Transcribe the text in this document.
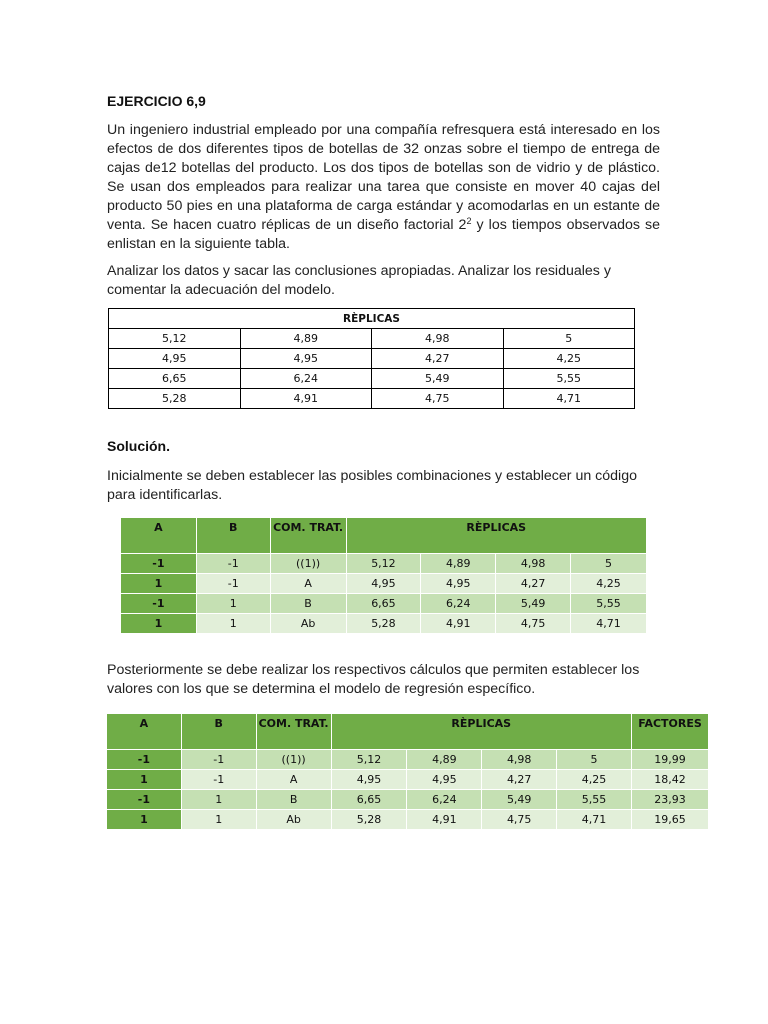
EJERCICIO 6,9
Un ingeniero industrial empleado por una compañía refresquera está interesado en los efectos de dos diferentes tipos de botellas de 32 onzas sobre el tiempo de entrega de cajas de12 botellas del producto. Los dos tipos de botellas son de vidrio y de plástico. Se usan dos empleados para realizar una tarea que consiste en mover 40 cajas del producto 50 pies en una plataforma de carga estándar y acomodarlas en un estante de venta. Se hacen cuatro réplicas de un diseño factorial $2^2$ y los tiempos observados se enlistan en la siguiente tabla.
Analizar los datos y sacar las conclusiones apropiadas. Analizar los residuales y comentar la adecuación del modelo.
RÈPLICAS			
5,12	4,89	4,98	5
4,95	4,95	4,27	4,25
6,65	6,24	5,49	5,55
5,28	4,91	4,75	4,71
Solución.
Inicialmente se deben establecer las posibles combinaciones y establecer un código para identificarlas.
A	B	COM. TRAT.	RÈPLICAS			
-1	-1	((1))	5,12	4,89	4,98	5
1	-1	A	4,95	4,95	4,27	4,25
-1	1	B	6,65	6,24	5,49	5,55
1	1	Ab	5,28	4,91	4,75	4,71
Posteriormente se debe realizar los respectivos cálculos que permiten establecer los valores con los que se determina el modelo de regresión específico.
A	B	COM. TRAT.	RÈPLICAS				FACTORES
-1	-1	((1))	5,12	4,89	4,98	5	19,99
1	-1	A	4,95	4,95	4,27	4,25	18,42
-1	1	B	6,65	6,24	5,49	5,55	23,93
1	1	Ab	5,28	4,91	4,75	4,71	19,65
